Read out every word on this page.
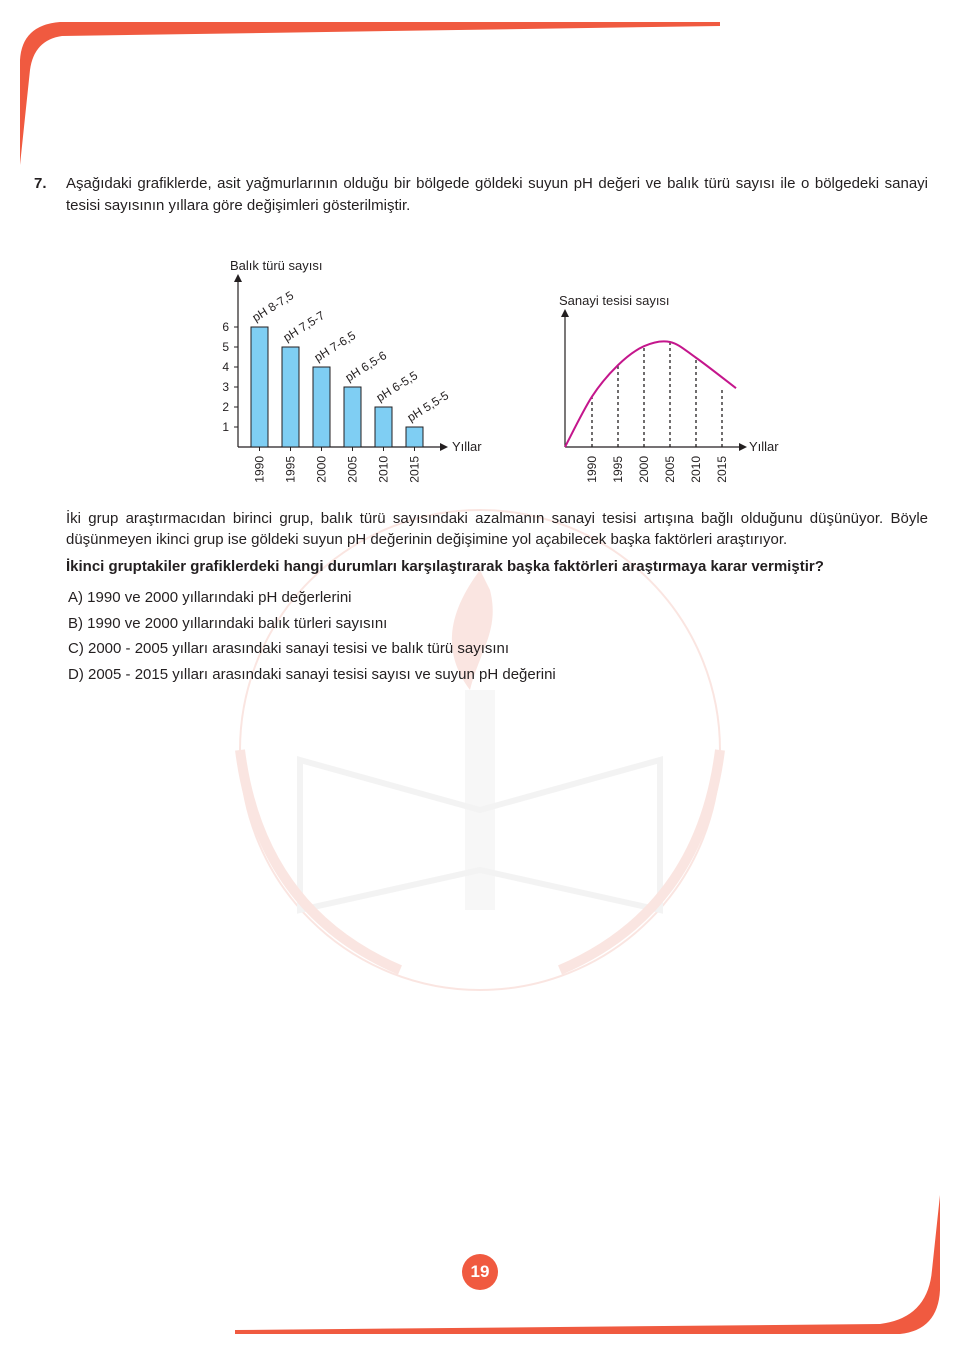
7. Aşağıdaki grafiklerde, asit yağmurlarının olduğu bir bölgede göldeki suyun pH değeri ve balık türü sayısı ile o bölgedeki sanayi tesisi sayısının yıllara göre değişimleri gösterilmiştir.

Balık türü sayısı
Yıllar
1
2
3
4
5
6
1990
pH 8-7,5
1995
pH 7,5-7
2000
pH 7-6,5
2005
pH 6,5-6
2010
pH 6-5,5
2015
pH 5,5-5
Sanayi tesisi sayısı
Yıllar
1990 1995 2000 2005 2010 2015

İki grup araştırmacıdan birinci grup, balık türü sayısındaki azalmanın sanayi tesisi artışına bağlı olduğunu düşünüyor. Böyle düşünmeyen ikinci grup ise göldeki suyun pH değerinin değişimine yol açabilecek başka faktörleri araştırıyor.

İkinci gruptakiler grafiklerdeki hangi durumları karşılaştırarak başka faktörleri araştırmaya karar vermiştir?

A) 1990 ve 2000 yıllarındaki pH değerlerini
B) 1990 ve 2000 yıllarındaki balık türleri sayısını
C) 2000 - 2005 yılları arasındaki sanayi tesisi ve balık türü sayısını
D) 2005 - 2015 yılları arasındaki sanayi tesisi sayısı ve suyun pH değerini
19
